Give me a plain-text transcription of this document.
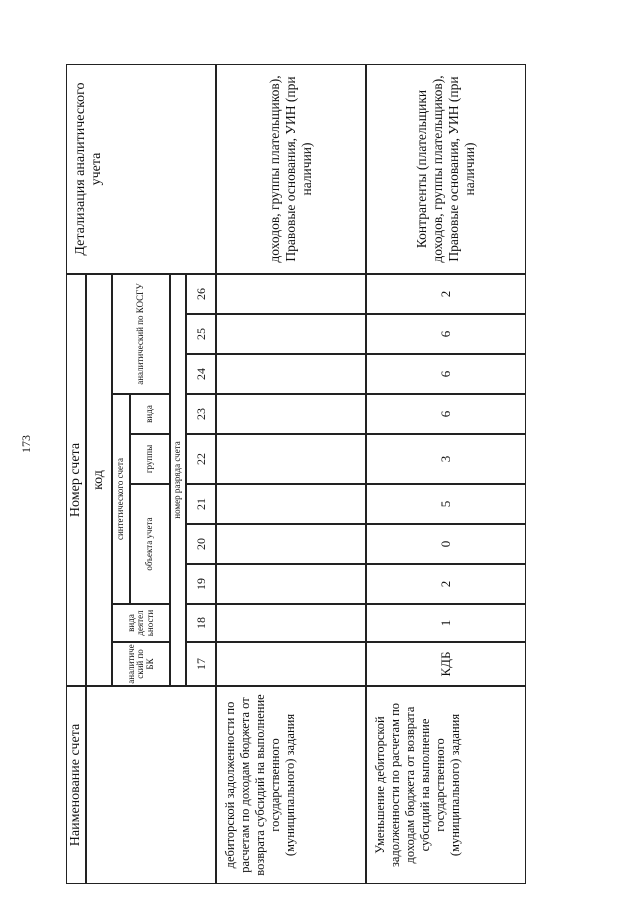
173
Наименование счета
Номер счета
Детализация аналитического учета
код
аналитиче ский по БК
вида деятел ьности
синтетического счета
аналитический по КОСГУ
объекта учета
группы
вида
номер разряда счета
17
18
19
20
21
22
23
24
25
26
дебиторской задолженности по расчетам по доходам бюджета от возврата субсидий на выполнение государственного (муниципального) задания
доходов, группы плательщиков), Правовые основания, УИН (при наличии)
Уменьшение дебиторской задолженности по расчетам по доходам бюджета от возврата субсидий на выполнение государственного (муниципального) задания
КДБ
1
2
0
5
3
6
6
6
2
Контрагенты (плательщики доходов, группы плательщиков), Правовые основания, УИН (при наличии)
